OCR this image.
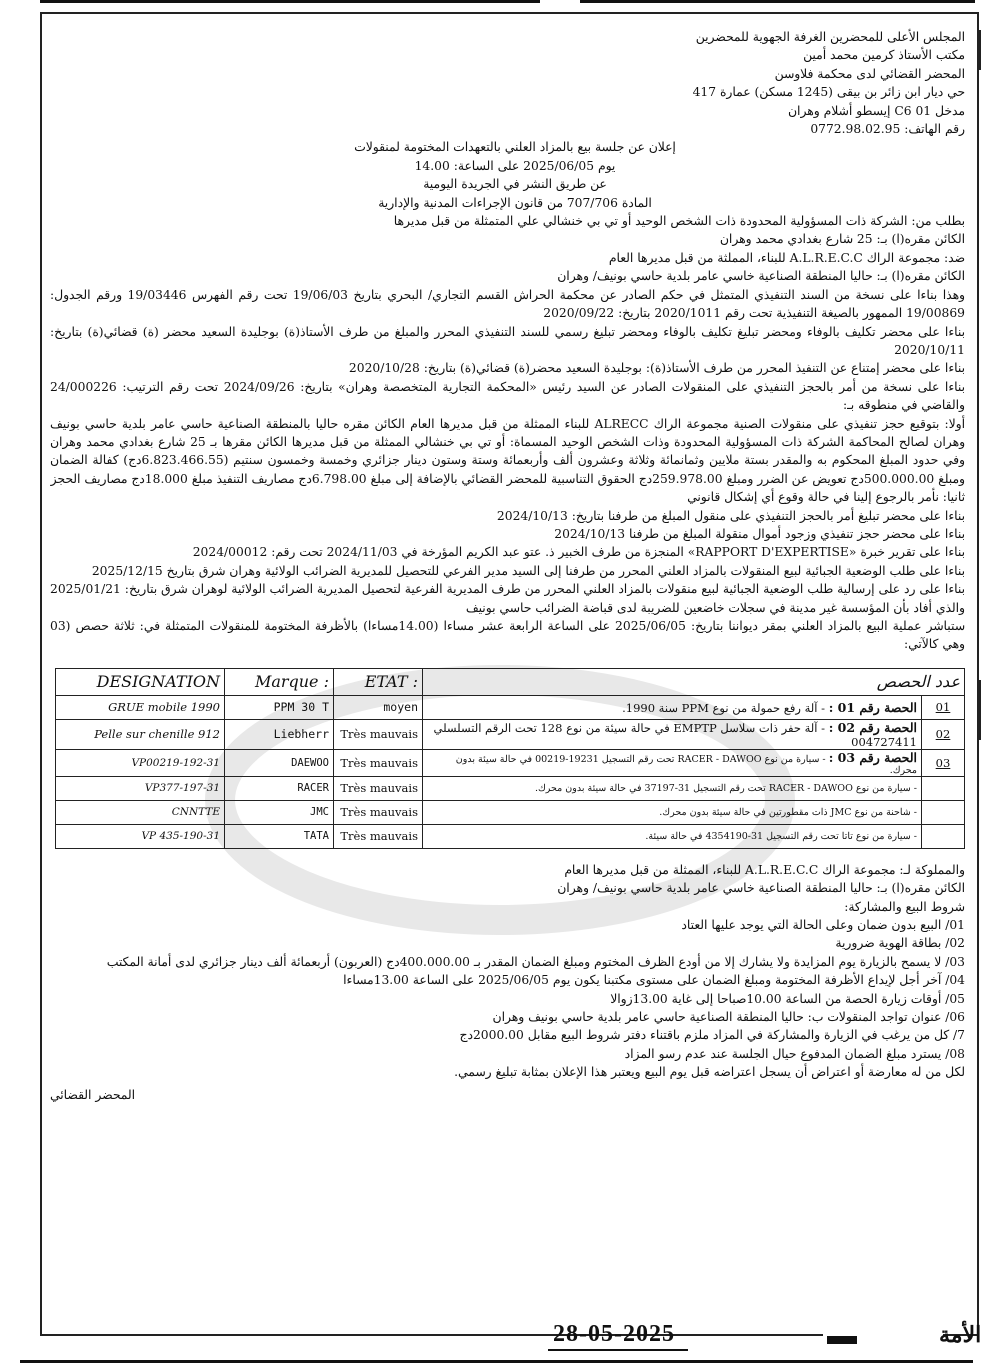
المجلس الأعلى للمحضرين الغرفة الجهوية للمحضرين
مكتب الأستاذ كرمين محمد أمين
المحضر القضائي لدى محكمة فلاوسن
حي ديار ابن زائر بن بيقى (1245 مسكن) عمارة 417
مدخل C6 01 إيسطو أشلام وهران
رقم الهاتف: 0772.98.02.95
إعلان عن جلسة بيع بالمزاد العلني بالتعهدات المختومة لمنقولات
يوم 2025/06/05 على الساعة: 14.00
عن طريق النشر في الجريدة اليومية
المادة 707/706 من قانون الإجراءات المدنية والإدارية
بطلب من: الشركة ذات المسؤولية المحدودة ذات الشخص الوحيد أو تي بي خنشالي علي المتمثلة من قبل مديرها
الكائن مقره(ا) بـ: 25 شارع بغدادي محمد وهران
ضد: مجموعة الراك A.L.R.E.C.C للبناء، المملثة من قبل مديرها العام
الكائن مقره(ا) بـ: حاليا المنطقة الصناعية خاسي عامر بلدية حاسي بونيف/ وهران
وهذا بناءا على نسخة من السند التنفيذي المتمثل في حكم الصادر عن محكمة الحراش القسم التجاري/ البحري بتاريخ 19/06/03 تحت رقم الفهرس 19/03446 ورقم الجدول: 19/00869 الممهور بالصيغة التنفيذية تحت رقم 2020/1011 بتاريخ: 2020/09/22
بناءا على محضر تكليف بالوفاء ومحضر تبليغ تكليف بالوفاء ومحضر تبليغ رسمي للسند التنفيذي المحرر والمبلغ من طرف الأستاذ(ة) بوجليدة السعيد محضر (ة) قضائي(ة) بتاريخ: 2020/10/11
بناءا على محضر إمتناع عن التنفيذ المحرر من طرف الأستاذ(ة): بوجليدة السعيد محضر(ة) قضائي(ة) بتاريخ: 2020/10/28
بناءا على نسخة من أمر بالحجز التنفيذي على المنقولات الصادر عن السيد رئيس «المحكمة التجارية المتخصصة وهران» بتاريخ: 2024/09/26 تحت رقم الترتيب: 24/000226 والقاضي في منطوقه بـ:
أولا: بتوقيع حجز تنفيذي على منقولات الصنية مجموعة الراك ALRECC للبناء الممثلة من قبل مديرها العام الكائن مقره حاليا بالمنطقة الصناعية حاسي عامر بلدية حاسي بونيف وهران لصالح المحاكمة الشركة ذات المسؤولية المحدودة وذات الشخص الوحيد المسماة: أو تي بي خنشالي الممثلة من قبل مديرها الكائن مقرها بـ 25 شارع بغدادي محمد وهران وفي حدود المبلغ المحكوم به والمقدر بستة ملايين وثمانمائة وثلاثة وعشرون ألف وأربعمائة وستة وستون دينار جزائري وخمسة وخمسون سنتيم (6.823.466.55دج) كفالة الضمان ومبلغ 500.000.00دج تعويض عن الضرر ومبلغ 259.978.00دج الحقوق التناسبية للمحضر القضائي بالإضافة إلى مبلغ 6.798.00دج مصاريف التنفيذ مبلغ 18.000دج مصاريف الحجز
ثانيا: نأمر بالرجوع إلينا في حالة وقوع أي إشكال قانوني
بناءا على محضر تبليغ أمر بالحجز التنفيذي على منقول المبلغ من طرفنا بتاريخ: 2024/10/13
بناءا على محضر حجز تنفيذي وزجود أموال منقولة المبلغ من طرفنا 2024/10/13
بناءا على تقرير خبرة «RAPPORT D'EXPERTISE» المنجزة من طرف الخبير ذ. عتو عبد الكريم المؤرخة في 2024/11/03 تحت رقم: 2024/00012
بناءا على طلب الوضعية الجبائية لبيع المنقولات بالمزاد العلني المحرر من طرفنا إلى السيد مدير الفرعي للتحصيل للمديرية الضرائب الولائية وهران شرق بتاريخ 2025/12/15
بناءا على رد على إرسالية طلب الوضعية الجبائية لبيع منقولات بالمزاد العلني المحرر من طرف المديرية الفرعية لتحصيل المديرية الضرائب الولائية لوهران شرق بتاريخ: 2025/01/21 والذي أفاد بأن المؤسسة غير مدينة في سجلات خاضعين للضريبة لدى قباضة الضرائب حاسي بونيف
ستباشر عملية البيع بالمزاد العلني بمقر ديواننا بتاريخ: 2025/06/05 على الساعة الرابعة عشر مساءا (14.00مساءا) بالأظرفة المختومة للمنقولات المتمثلة في: ثلاثة حصص (03 وهي كالآتي:
DESIGNATION	Marque :	ETAT :	عدد الحصص	
GRUE mobile 1990	PPM 30 T	moyen	الحصة رقم 01 : - آلة رفع حمولة من نوع PPM سنة 1990.	01
Pelle sur chenille 912	Liebherr	Très mauvais	الحصة رقم 02 : - آلة حفر ذات سلاسل EMPTP في حالة سيئة من نوع 128 تحت الرقم التسلسلي 004727411	02
VP00219-192-31	DAEWOO	Très mauvais	الحصة رقم 03 : - سيارة من نوع RACER - DAWOO تحت رقم التسجيل 19231-00219 في حالة سيئة بدون محرك.	03
VP377-197-31	RACER	Très mauvais	- سيارة من نوع RACER - DAWOO تحت رقم التسجيل 31-37197 في حالة سيئة بدون محرك.	
CNNTTE	JMC	Très mauvais	- شاحنة من نوع JMC ذات مقطورتين في حالة سيئة بدون محرك.	
VP 435-190-31	TATA	Très mauvais	- سيارة من نوع تاتا تحت رقم التسجيل 31-4354190 في حالة سيئة.	
والمملوكة لـ: مجموعة الراك A.L.R.E.C.C للبناء، الممثلة من قبل مديرها العام
الكائن مقره(ا) بـ: حاليا المنطقة الصناعية خاسي عامر بلدية حاسي بونيف/ وهران
شروط البيع والمشاركة:
01/ البيع بدون ضمان وعلى الحالة التي يوجد عليها العتاد
02/ بطاقة الهوية ضرورية
03/ لا يسمح بالزيارة يوم المزايدة ولا يشارك إلا من أودع الظرف المختوم ومبلغ الضمان المقدر بـ 400.000.00دج (العربون) أربعمائة ألف دينار جزائري لدى أمانة المكتب
04/ آخر أجل لإيداع الأظرفة المختومة ومبلغ الضمان على مستوى مكتبنا يكون يوم 2025/06/05 على الساعة 13.00مساءا
05/ أوقات زيارة الحصة من الساعة 10.00صباحا إلى غاية 13.00زوالا
06/ عنوان تواجد المنقولات ب: حاليا المنطقة الصناعية حاسي عامر بلدية حاسي بونيف وهران
7/ كل من يرغب في الزيارة والمشاركة في المزاد ملزم باقتناء دفتر شروط البيع مقابل 2000.00دج
08/ يسترد مبلغ الضمان المدفوع حيال الجلسة عند عدم رسو المزاد
لكل من له معارضة أو اعتراض أن يسجل اعتراضه قبل يوم البيع ويعتبر هذا الإعلان بمثابة تبليغ رسمي.
المحضر القضائي
28-05-2025	الأمة
